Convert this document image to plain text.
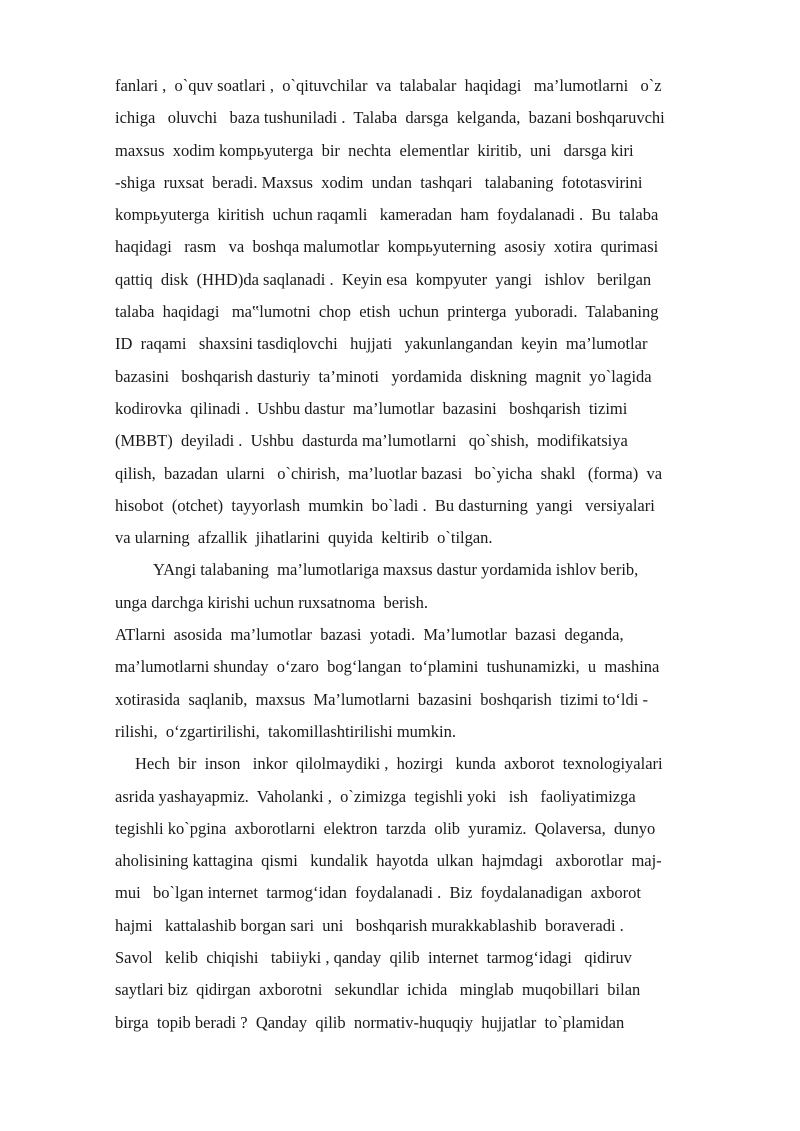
fanlari ,  o`quv soatlari ,  o`qituvchilar  va  talabalar  haqidagi   ma’lumotlarni   o`z
ichiga   oluvchi   baza tushuniladi .  Talaba  darsga  kelganda,  bazani boshqaruvchi
maxsus  xodim kompьyuterga  bir  nechta  elementlar  kiritib,  uni   darsga kiri
-shiga  ruxsat  beradi. Maxsus  xodim  undan  tashqari   talabaning  fototasvirini
kompьyuterga  kiritish  uchun raqamli   kameradan  ham  foydalanadi .  Bu  talaba
haqidagi   rasm   va  boshqa malumotlar  kompьyuterning  asosiy  xotira  qurimasi
qattiq  disk  (HHD)da saqlanadi .  Keyin esa  kompyuter  yangi   ishlov   berilgan
talaba  haqidagi   ma‟lumotni  chop  etish  uchun  printerga  yuboradi.  Talabaning
ID  raqami   shaxsini tasdiqlovchi   hujjati   yakunlangandan  keyin  ma’lumotlar
bazasini   boshqarish dasturiy  ta’minoti   yordamida  diskning  magnit  yo`lagida
kodirovka  qilinadi .  Ushbu dastur  ma’lumotlar  bazasini   boshqarish  tizimi
(MBBT)  deyiladi .  Ushbu  dasturda ma’lumotlarni   qo`shish,  modifikatsiya
qilish,  bazadan  ularni   o`chirish,  ma’luotlar bazasi   bo`yicha  shakl   (forma)  va
hisobot  (otchet)  tayyorlash  mumkin  bo`ladi .  Bu dasturning  yangi   versiyalari
va ularning  afzallik  jihatlarini  quyida  keltirib  o`tilgan.
YAngi talabaning  ma’lumotlariga maxsus dastur yordamida ishlov berib,
unga darchga kirishi uchun ruxsatnoma  berish.
ATlarni  asosida  ma’lumotlar  bazasi  yotadi.  Ma’lumotlar  bazasi  deganda,
ma’lumotlarni shunday  o‘zaro  bog‘langan  to‘plamini  tushunamizki,  u  mashina
xotirasida  saqlanib,  maxsus  Ma’lumotlarni  bazasini  boshqarish  tizimi to‘ldi -
rilishi,  o‘zgartirilishi,  takomillashtirilishi mumkin.
Hech  bir  inson   inkor  qilolmaydiki ,  hozirgi   kunda  axborot  texnologiyalari
asrida yashayapmiz.  Vaholanki ,  o`zimizga  tegishli yoki   ish   faoliyatimizga
tegishli ko`pgina  axborotlarni  elektron  tarzda  olib  yuramiz.  Qolaversa,  dunyo
aholisining kattagina  qismi   kundalik  hayotda  ulkan  hajmdagi   axborotlar  maj-
mui   bo`lgan internet  tarmog‘idan  foydalanadi .  Biz  foydalanadigan  axborot
hajmi   kattalashib borgan sari  uni   boshqarish murakkablashib  boraveradi .
Savol   kelib  chiqishi   tabiiyki , qanday  qilib  internet  tarmog‘idagi   qidiruv
saytlari biz  qidirgan  axborotni   sekundlar  ichida   minglab  muqobillari  bilan
birga  topib beradi ?  Qanday  qilib  normativ-huquqiy  hujjatlar  to`plamidan
